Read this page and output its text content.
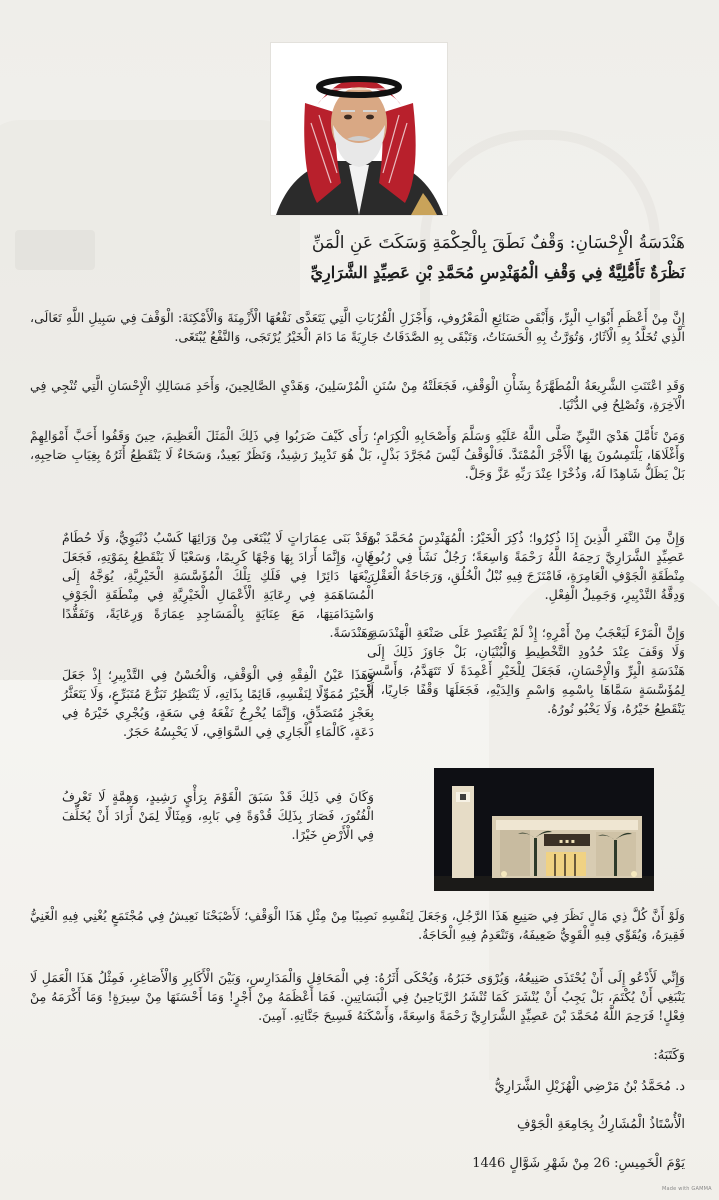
هَنْدَسَةُ الْإِحْسَانِ: وَقْفٌ نَطَقَ بِالْحِكْمَةِ وَسَكَتَ عَنِ الْمَنِّ
نَظْرَةٌ تَأَمُّلِيَّةٌ فِي وَقْفِ الْمُهَنْدِسِ مُحَمَّدِ بْنِ عَصِيِّدٍ الشَّرَارِيِّ
إِنَّ مِنْ أَعْظَمِ أَبْوَابِ الْبِرِّ، وَأَبْقَى صَنَائِعِ الْمَعْرُوفِ، وَأَجْزَلِ الْقُرُبَاتِ الَّتِي يَتَعَدَّى نَفْعُهَا الْأَزْمِنَةَ وَالْأَمْكِنَةَ: الْوَقْفَ فِي سَبِيلِ اللَّهِ تَعَالَى، الَّذِي تُخَلَّدُ بِهِ الْآثَارُ، وَتُوَرَّثُ بِهِ الْحَسَنَاتُ، وَتَبْقَى بِهِ الصَّدَقَاتُ جَارِيَةً مَا دَامَ الْخَيْرُ يُرْتَجَى، وَالنَّفْعُ يُبْتَغَى.
وَقَدِ اعْتَنَتِ الشَّرِيعَةُ الْمُطَهَّرَةُ بِشَأْنِ الْوَقْفِ، فَجَعَلَتْهُ مِنْ سُنَنِ الْمُرْسَلِينَ، وَهَدْيِ الصَّالِحِينَ، وَأَحَدِ مَسَالِكِ الْإِحْسَانِ الَّتِي تُنْجِي فِي الْآخِرَةِ، وَتُصْلِحُ فِي الدُّنْيَا.
وَمَنْ تَأَمَّلَ هَدْيَ النَّبِيِّ صَلَّى اللَّهُ عَلَيْهِ وَسَلَّمَ وَأَصْحَابِهِ الْكِرَامِ؛ رَأَى كَيْفَ ضَرَبُوا فِي ذَلِكَ الْمَثَلَ الْعَظِيمَ، حِينَ وَقَفُوا أَحَبَّ أَمْوَالِهِمْ وَأَغْلَاهَا، يَلْتَمِسُونَ بِهَا الْأَجْرَ الْمُمْتَدَّ. فَالْوَقْفُ لَيْسَ مُجَرَّدَ بَذْلٍ، بَلْ هُوَ تَدْبِيرٌ رَشِيدٌ، وَنَظَرٌ بَعِيدٌ، وَسَخَاءٌ لَا يَنْقَطِعُ أَثَرُهُ بِغِيَابِ صَاحِبِهِ، بَلْ يَظَلُّ شَاهِدًا لَهُ، وَذُخْرًا عِنْدَ رَبِّهِ عَزَّ وَجَلَّ.
وَإِنَّ مِنَ النَّفَرِ الَّذِينَ إِذَا ذُكِرُوا؛ ذُكِرَ الْخَيْرُ: الْمُهَنْدِسَ مُحَمَّدَ بْنَ عَصِيِّدٍ الشَّرَارِيَّ رَحِمَهُ اللَّهُ رَحْمَةً وَاسِعَةً؛ رَجُلٌ نَشَأَ فِي رُبُوعِ مِنْطَقَةِ الْجَوْفِ الْعَامِرَةِ، فَامْتَزَجَ فِيهِ نُبْلُ الْخُلُقِ، وَرَجَاحَةُ الْعَقْلِ، وَدِقَّةُ التَّدْبِيرِ، وَجَمِيلُ الْفِعْلِ.
وَإِنَّ الْمَرْءَ لَيَعْجَبُ مِنْ أَمْرِهِ؛ إِذْ لَمْ يَقْتَصِرْ عَلَى صَنْعَةِ الْهَنْدَسَةِ، وَلَا وَقَفَ عِنْدَ حُدُودِ التَّخْطِيطِ وَالْبُنْيَانِ، بَلْ جَاوَزَ ذَلِكَ إِلَى هَنْدَسَةِ الْبِرِّ وَالْإِحْسَانِ، فَجَعَلَ لِلْخَيْرِ أَعْمِدَةً لَا تَتَهَدَّمُ، وَأَسَّسَ لِمُؤَسَّسَةٍ سَمَّاهَا بِاسْمِهِ وَاسْمِ وَالِدَيْهِ، فَجَعَلَهَا وَقْفًا جَارِيًا، لَا يَنْقَطِعُ خَيْرُهُ، وَلَا يَخْبُو نُورُهُ.
وَقَدْ بَنَى عِمَارَاتٍ لَا يُبْتَغَى مِنْ وَرَائِهَا كَسْبُ دُنْيَوِيٌّ، وَلَا حُطَامٌ فَانٍ، وَإِنَّمَا أَرَادَ بِهَا وَجْهًا كَرِيمًا، وَسَعْيًا لَا يَنْقَطِعُ بِمَوْتِهِ، فَجَعَلَ رَيْعَهَا دَائِرًا فِي فَلَكِ تِلْكَ الْمُؤَسَّسَةِ الْخَيْرِيَّةِ، يُوَجَّهُ إِلَى الْمُسَاهَمَةِ فِي رِعَايَةِ الْأَعْمَالِ الْخَيْرِيَّةِ فِي مِنْطَقَةِ الْجَوْفِ وَاسْتِدَامَتِهَا، مَعَ عِنَايَةٍ بِالْمَسَاجِدِ عِمَارَةً وَرِعَايَةً، وَتَفَقُّدًا وَهَنْدَسَةً.
وَهَذَا عَيْنُ الْفِقْهِ فِي الْوَقْفِ، وَالْحُسْنُ فِي التَّدْبِيرِ؛ إِذْ جَعَلَ الْخَيْرَ مُمَوِّلًا لِنَفْسِهِ، قَائِمًا بِذَاتِهِ، لَا يَنْتَظِرُ تَبَرُّعَ مُتَبَرِّعٍ، وَلَا يَتَعَثَّرُ بِعَجْزِ مُتَصَدِّقٍ، وَإِنَّمَا يُخْرِجُ نَفْعَهُ فِي سَعَةٍ، وَيُجْرِي خَيْرَهُ فِي دَعَةٍ، كَالْمَاءِ الْجَارِي فِي السَّوَاقِي، لَا يَحْبِسُهُ حَجَرٌ.
وَكَانَ فِي ذَلِكَ قَدْ سَبَقَ الْقَوْمَ بِرَأْيٍ رَشِيدٍ، وَهِمَّةٍ لَا تَعْرِفُ الْفُتُورَ، فَصَارَ بِذَلِكَ قُدْوَةً فِي بَابِهِ، وَمِثَالًا لِمَنْ أَرَادَ أَنْ يُخَلِّفَ فِي الْأَرْضِ خَيْرًا.	▪ ▪ ▪
وَلَوْ أَنَّ كُلَّ ذِي مَالٍ نَظَرَ فِي صَنِيعِ هَذَا الرَّجُلِ، وَجَعَلَ لِنَفْسِهِ نَصِيبًا مِنْ مِثْلِ هَذَا الْوَقْفِ؛ لَأَصْبَحْنَا نَعِيشُ فِي مُجْتَمَعٍ يُغْنِي فِيهِ الْغَنِيُّ فَقِيرَهُ، وَيُقَوِّي فِيهِ الْقَوِيُّ ضَعِيفَهُ، وَتَنْعَدِمُ فِيهِ الْحَاجَةُ.
وَإِنِّي لَأَدْعُو إِلَى أَنْ يُحْتَذَى صَنِيعُهُ، وَيُرْوَى خَبَرُهُ، وَيُحْكَى أَثَرُهُ: فِي الْمَحَافِلِ وَالْمَدَارِسِ، وَبَيْنَ الْأَكَابِرِ وَالْأَصَاغِرِ، فَمِثْلُ هَذَا الْعَمَلِ لَا يَنْبَغِي أَنْ يُكْتَمَ، بَلْ يَجِبُ أَنْ يُنْشَرَ كَمَا تُنْشَرُ الرَّيَاحِينُ فِي الْبَسَاتِينِ. فَمَا أَعْظَمَهُ مِنْ أَجْرٍ! وَمَا أَحْسَنَهَا مِنْ سِيرَةٍ! وَمَا أَكْرَمَهُ مِنْ فِعْلٍ! فَرَحِمَ اللَّهُ مُحَمَّدَ بْنَ عَصِيِّدٍ الشَّرَارِيَّ رَحْمَةً وَاسِعَةً، وَأَسْكَنَهُ فَسِيحَ جَنَّاتِهِ. آمِينَ.
وَكَتَبَهُ:
د. مُحَمَّدُ بْنُ مَرْضِي الْهُزَيْلِ الشَّرَارِيُّ
الْأُسْتَاذُ الْمُشَارِكُ بِجَامِعَةِ الْجَوْفِ
يَوْمَ الْخَمِيسِ: 26 مِنْ شَهْرِ شَوَّالٍ 1446
Made with GAMMA
